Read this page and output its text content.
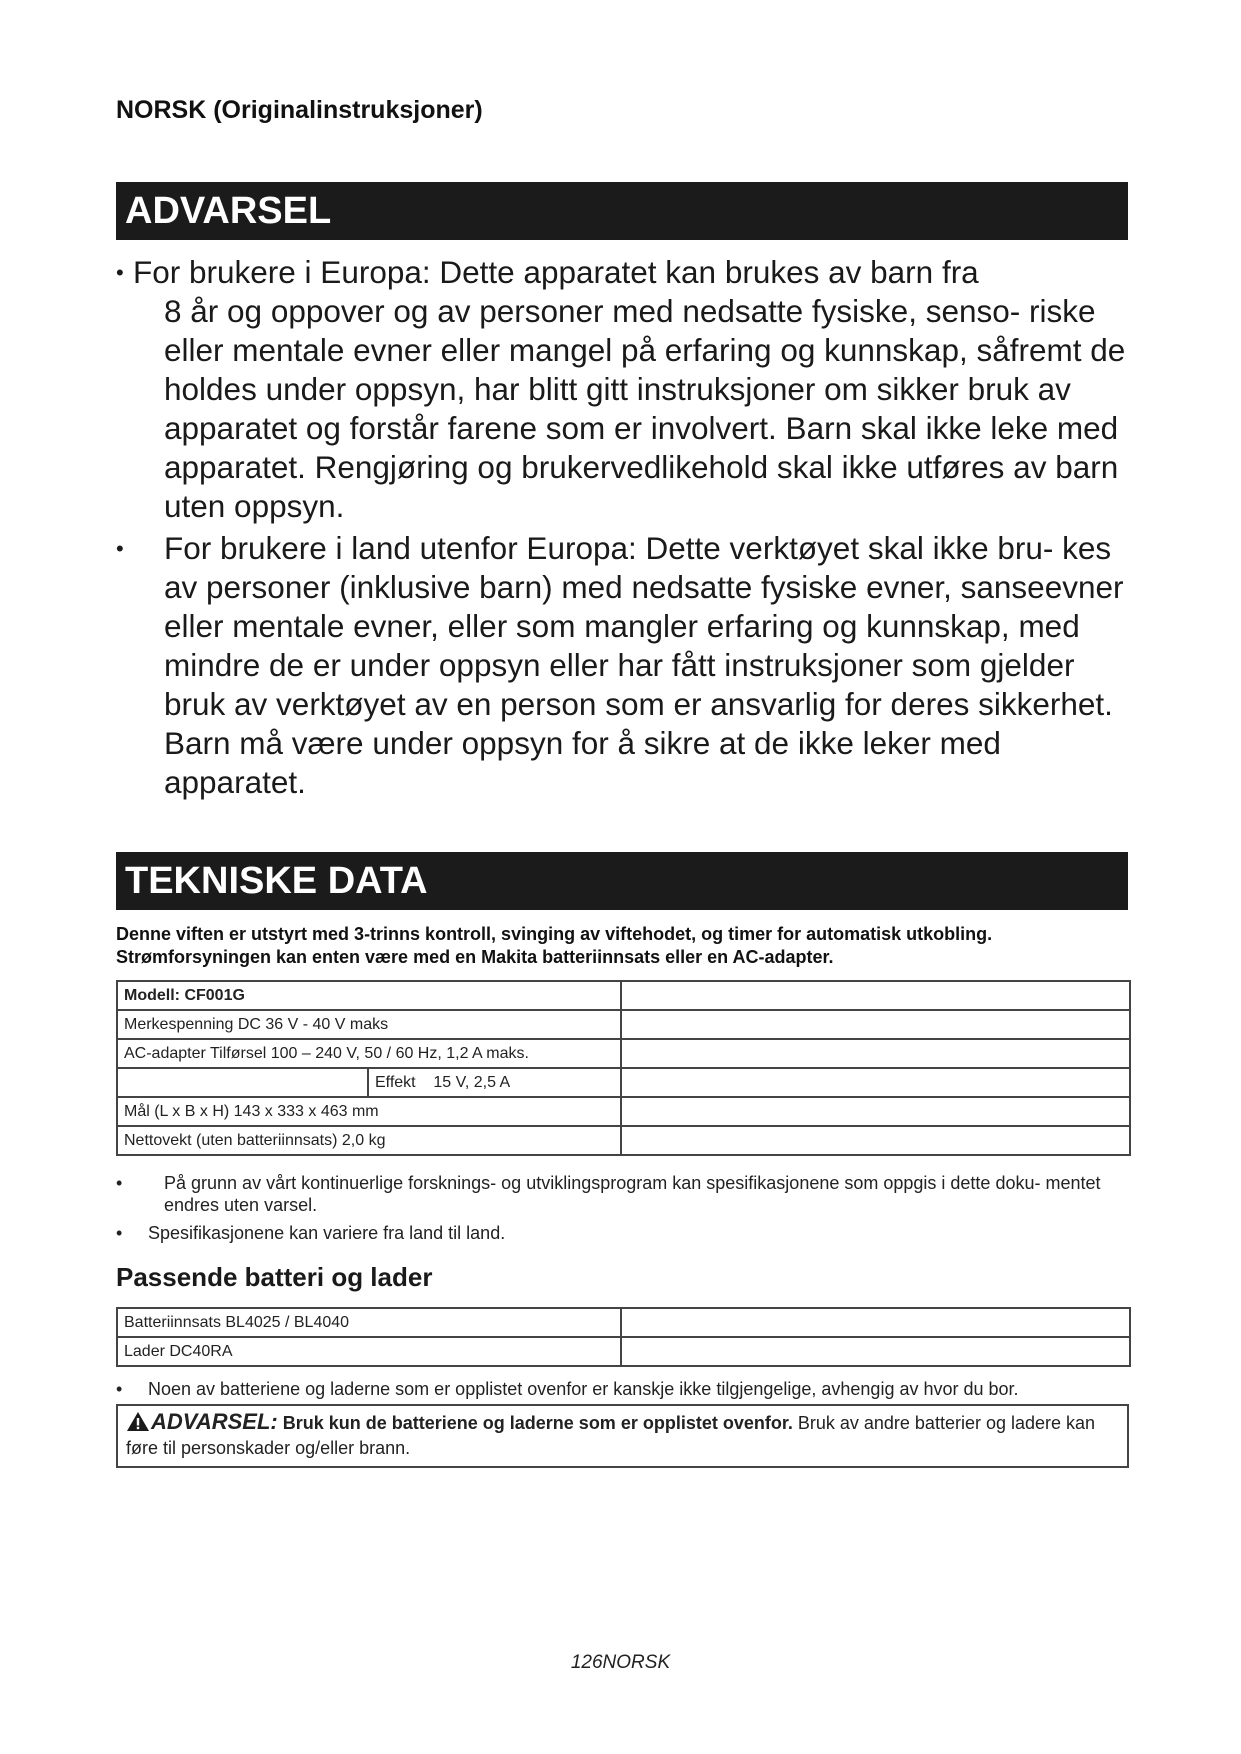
NORSK (Originalinstruksjoner)
ADVARSEL
• For brukere i Europa: Dette apparatet kan brukes av barn fra
8 år og oppover og av personer med nedsatte fysiske, senso- riske eller mentale evner eller mangel på erfaring og kunnskap, såfremt de holdes under oppsyn, har blitt gitt instruksjoner om sikker bruk av apparatet og forstår farene som er involvert. Barn skal ikke leke med apparatet. Rengjøring og brukervedlikehold skal ikke utføres av barn uten oppsyn.
•	For brukere i land utenfor Europa: Dette verktøyet skal ikke bru- kes av personer (inklusive barn) med nedsatte fysiske evner, sanseevner eller mentale evner, eller som mangler erfaring og kunnskap, med mindre de er under oppsyn eller har fått instruksjoner som gjelder bruk av verktøyet av en person som er ansvarlig for deres sikkerhet. Barn må være under oppsyn for å sikre at de ikke leker med apparatet.
TEKNISKE DATA
Denne viften er utstyrt med 3-trinns kontroll, svinging av viftehodet, og timer for automatisk utkobling. Strømforsyningen kan enten være med en Makita batteriinnsats eller en AC-adapter.
Modell: CF001G		
Merkespenning DC 36 V - 40 V maks		
AC-adapter Tilførsel 100 – 240 V, 50 / 60 Hz, 1,2 A maks.		
	Effekt    15 V, 2,5 A	
Mål (L x B x H) 143 x 333 x 463 mm		
Nettovekt (uten batteriinnsats) 2,0 kg		
•	På grunn av vårt kontinuerlige forsknings- og utviklingsprogram kan spesifikasjonene som oppgis i dette doku- mentet endres uten varsel.
•	Spesifikasjonene kan variere fra land til land.
Passende batteri og lader
Batteriinnsats BL4025 / BL4040	
Lader DC40RA	
•	Noen av batteriene og laderne som er opplistet ovenfor er kanskje ikke tilgjengelige, avhengig av hvor du bor.
ADVARSEL: Bruk kun de batteriene og laderne som er opplistet ovenfor. Bruk av andre batterier og ladere kan føre til personskader og/eller brann.
126NORSK
